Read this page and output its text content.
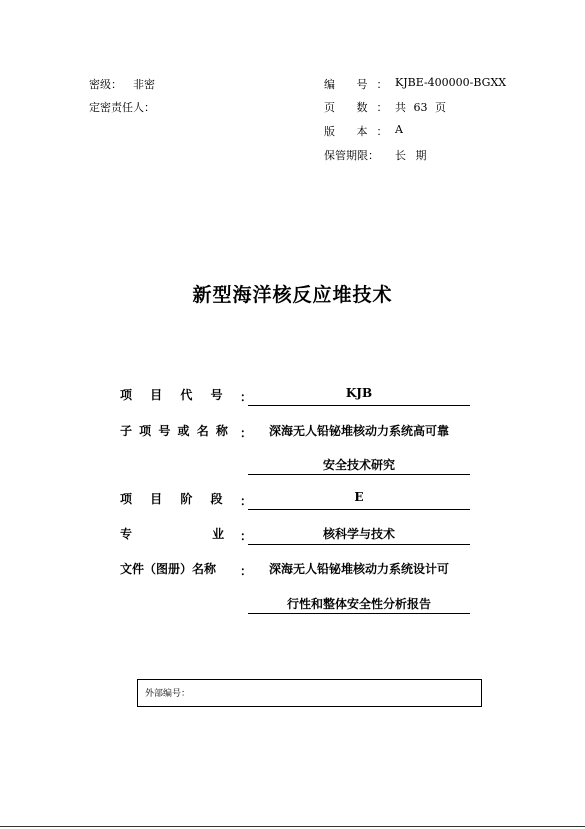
密级： 非密
定密责任人：
编 号：
KJBE-400000-BGXX
页 数：
共 63 页
版 本：
A
保管期限： 长 期
新型海洋核反应堆技术
项 目 代 号 ：	KJB
子 项 号 或 名 称 ：	深海无人铅铋堆核动力系统高可靠
安全技术研究
项 目 阶 段 ：	E
专 业 ：	核科学与技术
文件（图册）名称 ：	深海无人铅铋堆核动力系统设计可
行性和整体安全性分析报告
外部编号：
